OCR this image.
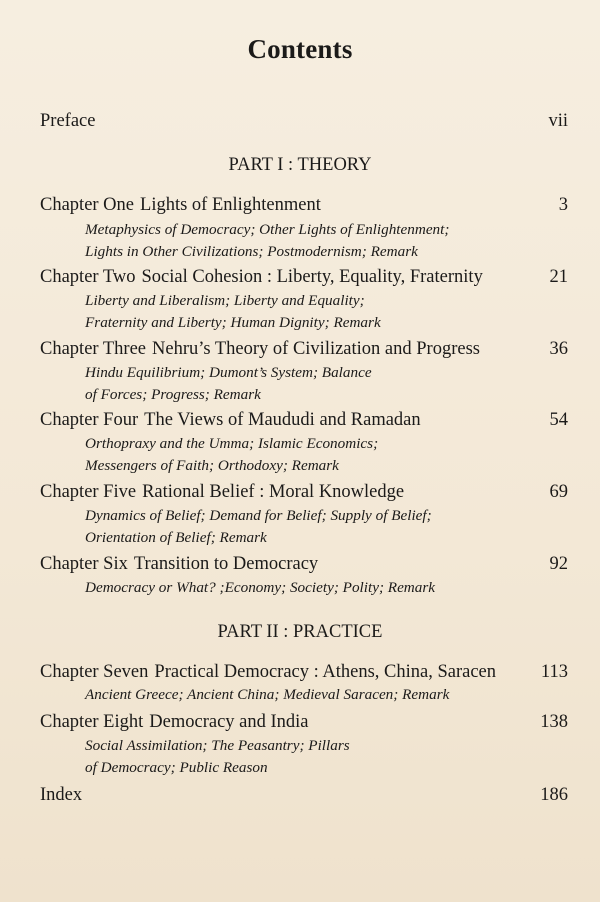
Contents
Preface	vii
PART I : THEORY
Chapter One Lights of Enlightenment	3
Metaphysics of Democracy; Other Lights of Enlightenment;
Lights in Other Civilizations; Postmodernism; Remark
Chapter Two Social Cohesion : Liberty, Equality, Fraternity	21
Liberty and Liberalism; Liberty and Equality;
Fraternity and Liberty; Human Dignity; Remark
Chapter Three Nehru’s Theory of Civilization and Progress	36
Hindu Equilibrium; Dumont’s System; Balance
of Forces; Progress; Remark
Chapter Four The Views of Maududi and Ramadan	54
Orthopraxy and the Umma; Islamic Economics;
Messengers of Faith; Orthodoxy; Remark
Chapter Five Rational Belief : Moral Knowledge	69
Dynamics of Belief; Demand for Belief; Supply of Belief;
Orientation of Belief; Remark
Chapter Six Transition to Democracy	92
Democracy or What? ;Economy; Society; Polity; Remark
PART II : PRACTICE
Chapter Seven Practical Democracy : Athens, China, Saracen 113
Ancient Greece; Ancient China; Medieval Saracen; Remark
Chapter Eight Democracy and India	138
Social Assimilation; The Peasantry; Pillars
of Democracy; Public Reason
Index	186
